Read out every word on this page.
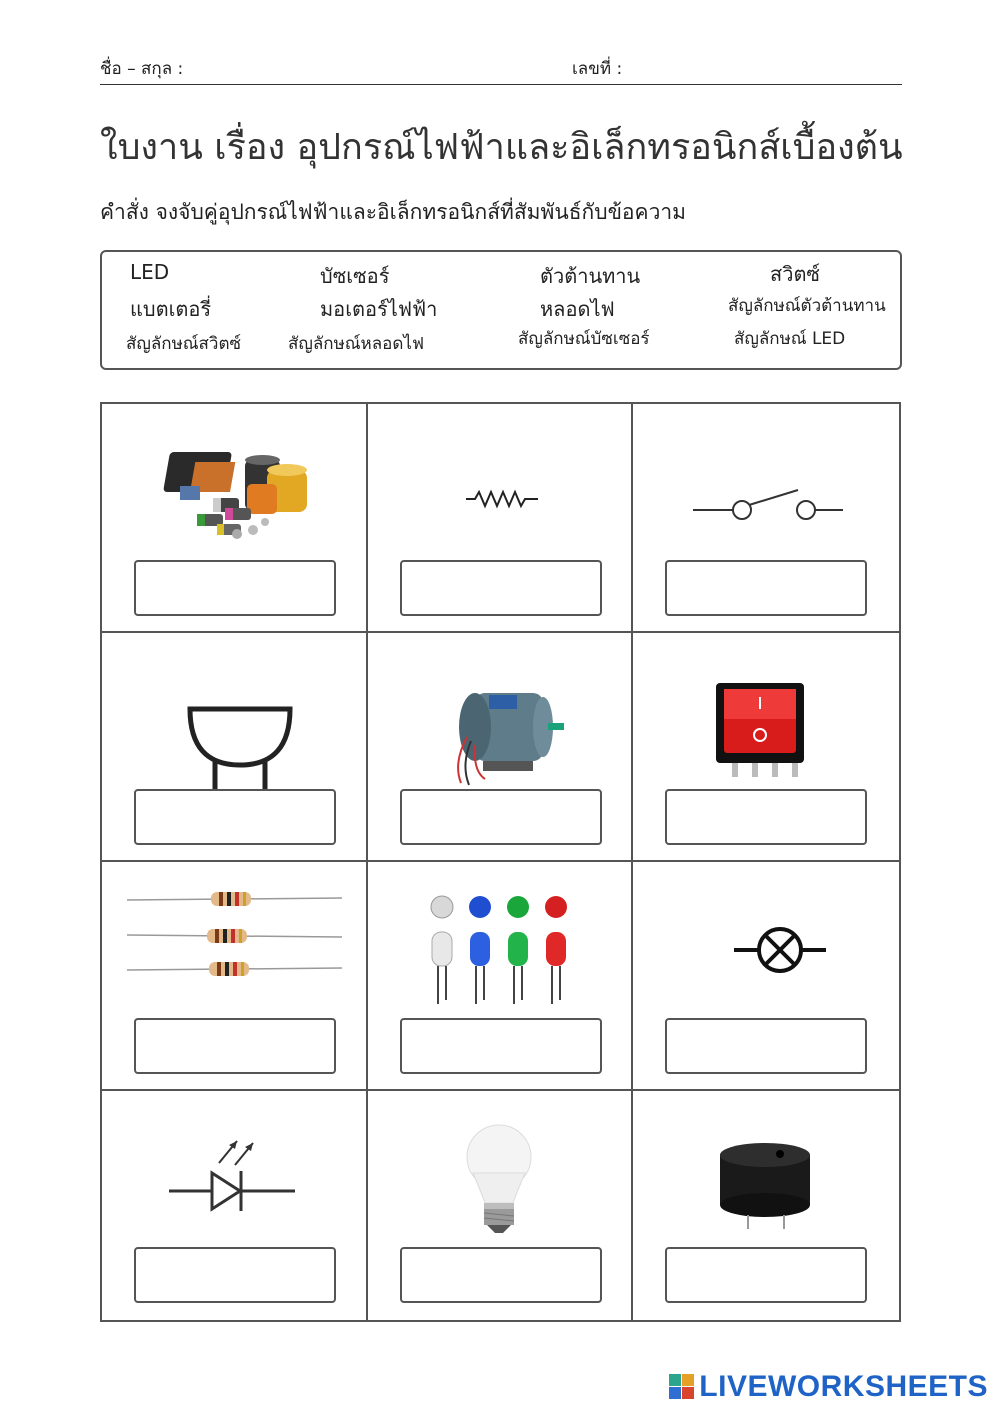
ชื่อ – สกุล :	เลขที่ :
ใบงาน เรื่อง อุปกรณ์ไฟฟ้าและอิเล็กทรอนิกส์เบื้องต้น
คำสั่ง จงจับคู่อุปกรณ์ไฟฟ้าและอิเล็กทรอนิกส์ที่สัมพันธ์กับข้อความ
LED	บัซเซอร์	ตัวต้านทาน	สวิตซ์
แบตเตอรี่	มอเตอร์ไฟฟ้า	หลอดไฟ	สัญลักษณ์ตัวต้านทาน
สัญลักษณ์สวิตซ์	สัญลักษณ์หลอดไฟ	สัญลักษณ์บัซเซอร์	สัญลักษณ์ LED
LIVEWORKSHEETS
